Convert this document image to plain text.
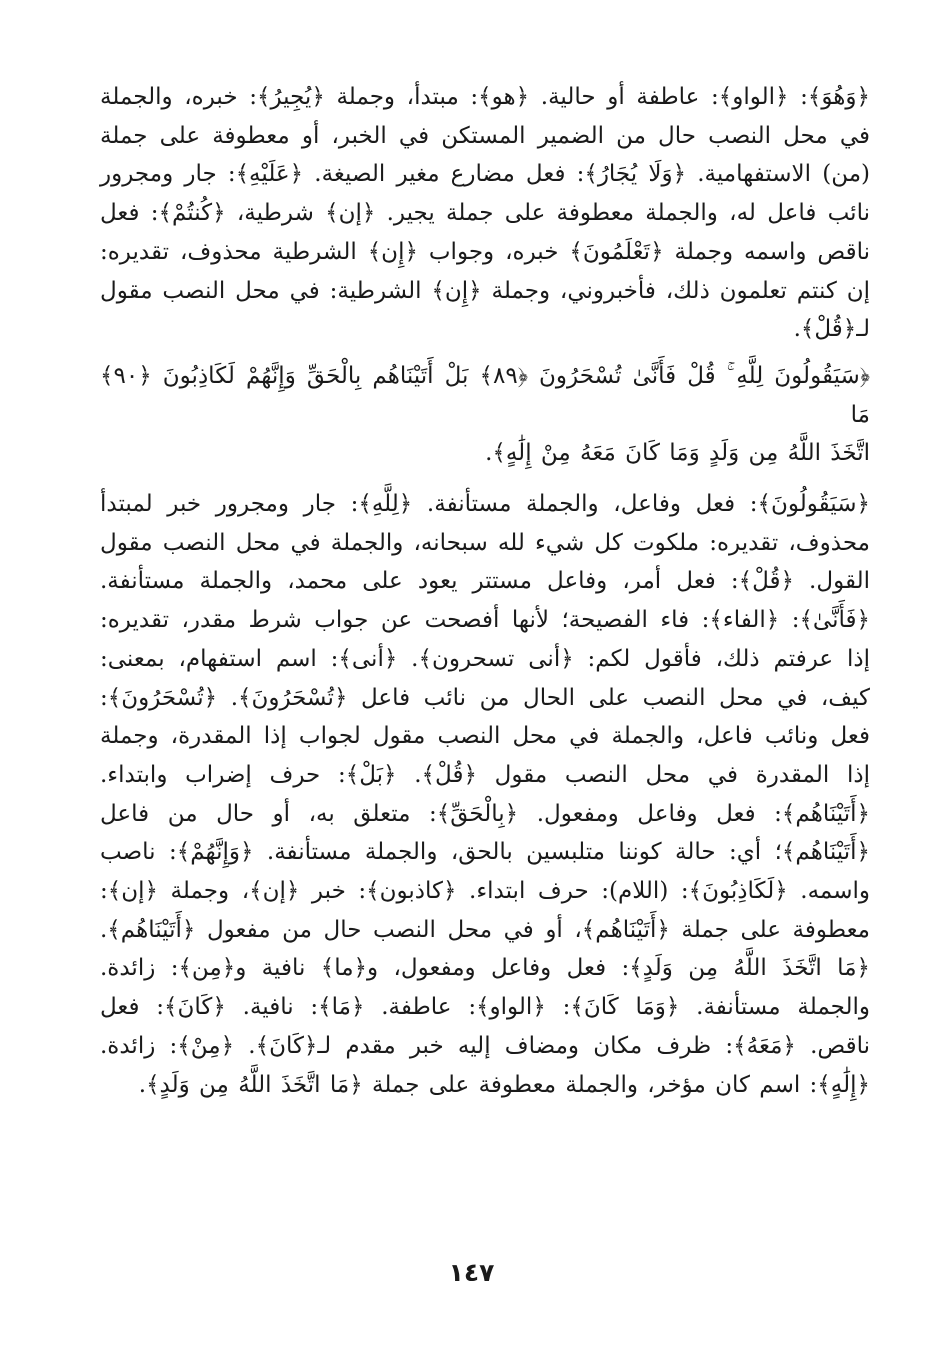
﴿وَهُوَ﴾: ﴿الواو﴾: عاطفة أو حالية. ﴿هو﴾: مبتدأ، وجملة ﴿يُجِيرُ﴾: خبره، والجملة في محل النصب حال من الضمير المستكن في الخبر، أو معطوفة على جملة (من) الاستفهامية. ﴿وَلَا يُجَارُ﴾: فعل مضارع مغير الصيغة. ﴿عَلَيْهِ﴾: جار ومجرور نائب فاعل له، والجملة معطوفة على جملة يجير. ﴿إن﴾ شرطية، ﴿كُنتُمْ﴾: فعل ناقص واسمه وجملة ﴿تَعْلَمُونَ﴾ خبره، وجواب ﴿إِن﴾ الشرطية محذوف، تقديره: إن كنتم تعلمون ذلك، فأخبروني، وجملة ﴿إِن﴾ الشرطية: في محل النصب مقول لـ﴿قُلْ﴾.

﴿سَيَقُولُونَ لِلَّهِ ۚ قُلْ فَأَنَّىٰ تُسْحَرُونَ ﴿٨٩﴾ بَلْ أَتَيْنَاهُم بِالْحَقِّ وَإِنَّهُمْ لَكَاذِبُونَ ﴿٩٠﴾ مَا
اتَّخَذَ اللَّهُ مِن وَلَدٍ وَمَا كَانَ مَعَهُ مِنْ إِلَٰهٍ﴾.

﴿سَيَقُولُونَ﴾: فعل وفاعل، والجملة مستأنفة. ﴿لِلَّهِ﴾: جار ومجرور خبر لمبتدأ محذوف، تقديره: ملكوت كل شيء لله سبحانه، والجملة في محل النصب مقول القول. ﴿قُلْ﴾: فعل أمر، وفاعل مستتر يعود على محمد، والجملة مستأنفة. ﴿فَأَنَّىٰ﴾: ﴿الفاء﴾: فاء الفصيحة؛ لأنها أفصحت عن جواب شرط مقدر، تقديره: إذا عرفتم ذلك، فأقول لكم: ﴿أنى تسحرون﴾. ﴿أنى﴾: اسم استفهام، بمعنى: كيف، في محل النصب على الحال من نائب فاعل ﴿تُسْحَرُونَ﴾. ﴿تُسْحَرُونَ﴾: فعل ونائب فاعل، والجملة في محل النصب مقول لجواب إذا المقدرة، وجملة إذا المقدرة في محل النصب مقول ﴿قُلْ﴾. ﴿بَلْ﴾: حرف إضراب وابتداء. ﴿أَتَيْنَاهُم﴾: فعل وفاعل ومفعول. ﴿بِالْحَقِّ﴾: متعلق به، أو حال من فاعل ﴿أَتَيْنَاهُم﴾؛ أي: حالة كوننا متلبسين بالحق، والجملة مستأنفة. ﴿وَإِنَّهُمْ﴾: ناصب واسمه. ﴿لَكَاذِبُونَ﴾: (اللام): حرف ابتداء. ﴿كاذبون﴾: خبر ﴿إن﴾، وجملة ﴿إن﴾: معطوفة على جملة ﴿أَتَيْنَاهُم﴾، أو في محل النصب حال من مفعول ﴿أَتَيْنَاهُم﴾. ﴿مَا اتَّخَذَ اللَّهُ مِن وَلَدٍ﴾: فعل وفاعل ومفعول، و﴿ما﴾ نافية و﴿مِن﴾: زائدة. والجملة مستأنفة. ﴿وَمَا كَانَ﴾: ﴿الواو﴾: عاطفة. ﴿مَا﴾: نافية. ﴿كَانَ﴾: فعل ناقص. ﴿مَعَهُ﴾: ظرف مكان ومضاف إليه خبر مقدم لـ﴿كَانَ﴾. ﴿مِنْ﴾: زائدة. ﴿إِلَٰهٍ﴾: اسم كان مؤخر، والجملة معطوفة على جملة ﴿مَا اتَّخَذَ اللَّهُ مِن وَلَدٍ﴾.

١٤٧
